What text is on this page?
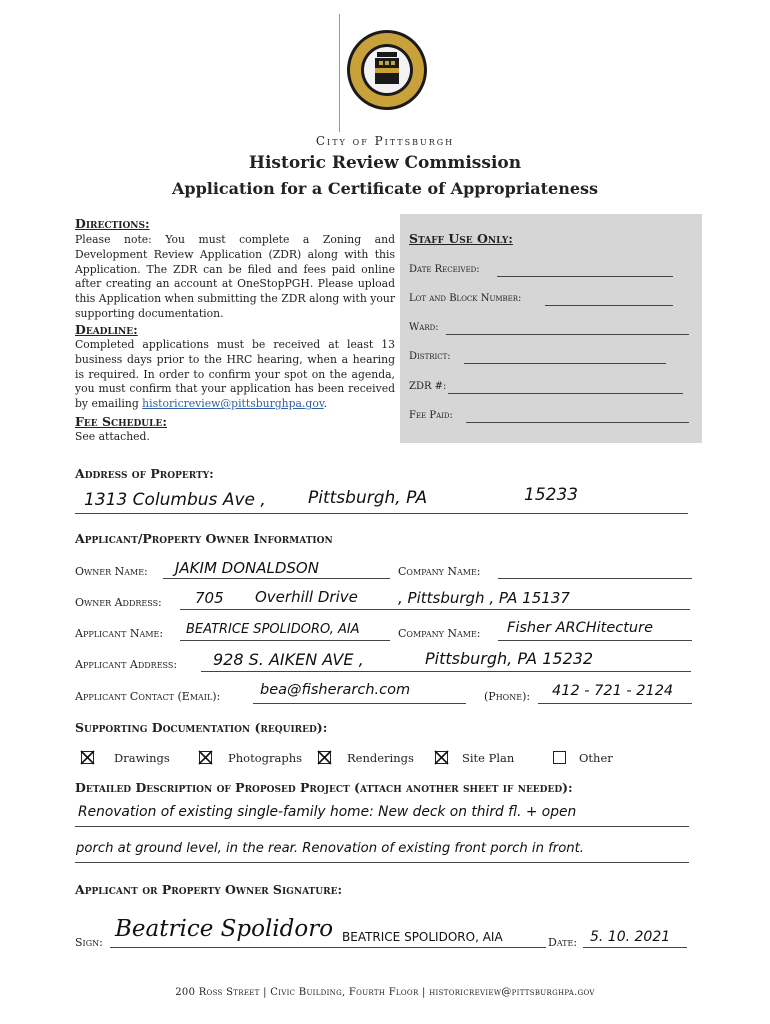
City of Pittsburgh
Historic Review Commission
Application for a Certificate of Appropriateness
Directions:
Please note: You must complete a Zoning and Development Review Application (ZDR) along with this Application. The ZDR can be filed and fees paid online after creating an account at OneStopPGH. Please upload this Application when submitting the ZDR along with your supporting documentation.
Deadline:
Completed applications must be received at least 13 business days prior to the HRC hearing, when a hearing is required. In order to confirm your spot on the agenda, you must confirm that your application has been received by emailing historicreview@pittsburghpa.gov.
Fee Schedule:
See attached.
Staff Use Only:
Date Received:
Lot and Block Number:
Ward:
District:
ZDR #:
Fee Paid:
Address of Property:
1313 Columbus Ave , Pittsburgh, PA	15233
Applicant/Property Owner Information
Owner Name: JAKIM DONALDSON	Company Name:
Owner Address: 705 Overhill Drive	, Pittsburgh , PA 15137
Applicant Name: BEATRICE SPOLIDORO, AIA	Company Name: Fisher ARCHitecture
Applicant Address: 928 S. AIKEN AVE ,	Pittsburgh, PA 15232
Applicant Contact (Email):	bea@fisherarch.com	(Phone): 412 - 721 - 2124
Supporting Documentation (required):
Drawings	Photographs	Renderings	Site Plan	Other
Detailed Description of Proposed Project (attach another sheet if needed):
Renovation of existing single-family home: New deck on third fl. + open
porch at ground level, in the rear. Renovation of existing front porch in front.
Applicant or Property Owner Signature:
Sign:
Beatrice Spolidoro BEATRICE SPOLIDORO, AIA	Date: 5. 10. 2021
200 Ross Street | Civic Building, Fourth Floor | historicreview@pittsburghpa.gov
